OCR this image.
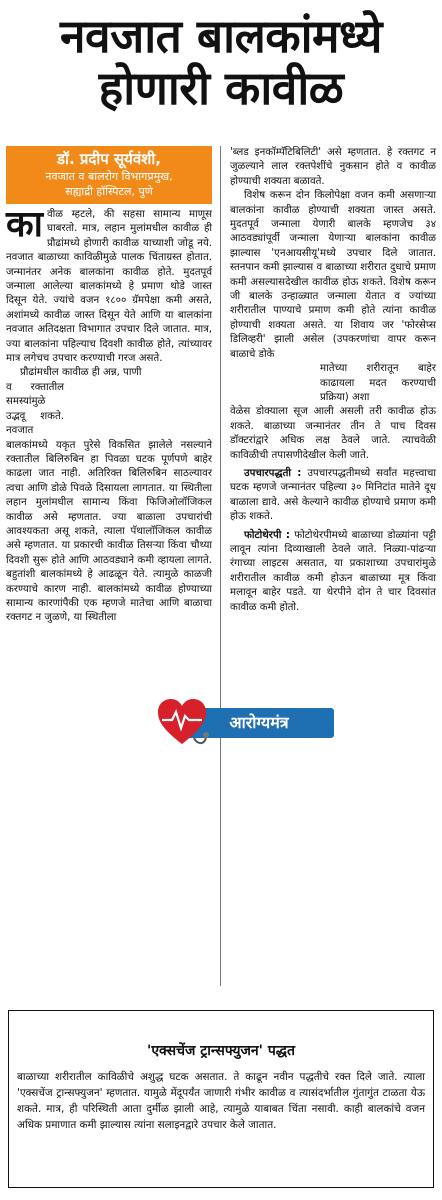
नवजात बालकांमध्ये
होणारी कावीळ
डॉ. प्रदीप सूर्यवंशी,
नवजात व बालरोग विभागप्रमुख,
सह्याद्री हॉस्पिटल, पुणे

कावीळ म्हटले, की सहसा सामान्य माणूस घाबरतो. मात्र, लहान मुलांमधील कावीळ ही प्रौढांमध्ये होणारी कावीळ याच्याशी जोडू नये. नवजात बाळाच्या काविळीमुळे पालक चिंताग्रस्त होतात. जन्मानंतर अनेक बालकांना कावीळ होते. मुदतपूर्व जन्माला आलेल्या बालकांमध्ये हे प्रमाण थोडे जास्त दिसून येते. ज्यांचे वजन १८०० ग्रॅमपेक्षा कमी असते, अशांमध्ये कावीळ जास्त दिसून येते आणि या बालकांना नवजात अतिदक्षता विभागात उपचार दिले जातात. मात्र, ज्या बालकांना पहिल्याच दिवशी कावीळ होते, त्यांच्यावर मात्र लगेचच उपचार करण्याची गरज असते.

प्रौढांमधील कावीळ ही अन्न, पाणी

व रक्तातील समस्यांमुळे उद्भवू शकते. नवजात

बालकांमध्ये यकृत पुरेसे विकसित झालेले नसल्याने रक्तातील बिलिरुबिन हा पिवळा घटक पूर्णपणे बाहेर काढला जात नाही. अतिरिक्त बिलिरुबिन साठल्यावर त्वचा आणि डोळे पिवळे दिसायला लागतात. या स्थितीला लहान मुलांमधील सामान्य किंवा फिजिओलॉजिकल कावीळ असे म्हणतात. ज्या बाळाला उपचारांची आवश्यकता असू शकते, त्याला पॅथालॉजिकल कावीळ असे म्हणतात. या प्रकारची कावीळ तिसऱ्या किंवा चौथ्या दिवशी सुरू होते आणि आठवड्याने कमी व्हायला लागते. बहुतांशी बालकांमध्ये हे आढळून येते. त्यामुळे काळजी करण्याचे कारण नाही. बालकांमध्ये कावीळ होण्याच्या सामान्य कारणांपैकी एक म्हणजे मातेचा आणि बाळाचा रक्तगट न जुळणे, या स्थितीला

'ब्लड इनकॉम्पॅटिबिलिटी' असे म्हणतात. हे रक्तगट न जुळल्याने लाल रक्तपेशींचे नुकसान होते व कावीळ होण्याची शक्यता बळावते.

विशेष करून दोन किलोपेक्षा वजन कमी असणाऱ्या बालकांना कावीळ होण्याची शक्यता जास्त असते. मुदतपूर्व जन्माला येणारी बालके म्हणजेच ३४ आठवड्यांपूर्वी जन्माला येणाऱ्या बालकांना कावीळ झाल्यास 'एनआयसीयू'मध्ये उपचार दिले जातात. स्तनपान कमी झाल्यास व बाळाच्या शरीरात दुधाचे प्रमाण कमी असल्यासदेखील कावीळ होऊ शकते. विशेष करून जी बालके उन्हाळ्यात जन्माला येतात व ज्यांच्या शरीरातील पाण्याचे प्रमाण कमी होते त्यांना कावीळ होण्याची शक्यता असते. या शिवाय जर 'फोरसेप्स डिलिव्हरी' झाली असेल (उपकरणांचा वापर करून बाळाचे डोके

मातेच्या शरीरातून बाहेर काढायला मदत करण्याची प्रक्रिया) अशा

वेळेस डोक्याला सूज आली असली तरी कावीळ होऊ शकते. बाळाच्या जन्मानंतर तीन ते पाच दिवस डॉक्टरांद्वारे अधिक लक्ष ठेवले जाते. त्याचवेळी काविळीची तपासणीदेखील केली जाते.

उपचारपद्धती : उपचारपद्धतीमध्ये सर्वांत महत्त्वाचा घटक म्हणजे जन्मानंतर पहिल्या ३० मिनिटांत मातेने दूध बाळाला द्यावे. असे केल्याने कावीळ होण्याचे प्रमाण कमी होऊ शकते.

फोटोथेरपी : फोटोथेरपीमध्ये बाळाच्या डोळ्यांना पट्टी लावून त्यांना दिव्याखाली ठेवले जाते. निळ्या-पांढऱ्या रंगाच्या लाइटस असतात, या प्रकाशाच्या उपचारांमुळे शरीरातील कावीळ कमी होऊन बाळाच्या मूत्र किंवा मलावून बाहेर पडते. या थेरपीने दोन ते चार दिवसांत कावीळ कमी होतो.

आरोग्यमंत्र
'एक्सचेंज ट्रान्सफ्युजन' पद्धत

बाळाच्या शरीरातील काविळीचे अशुद्ध घटक असतात. ते काढून नवीन पद्धतीचे रक्त दिले जाते. त्याला 'एक्सचेंज ट्रान्सफ्युजन' म्हणतात. यामुळे मेंदूपर्यंत जाणारी गंभीर कावीळ व त्यासंदर्भातील गुंतागुंत टाळता येऊ शकते. मात्र, ही परिस्थिती आता दुर्मीळ झाली आहे, त्यामुळे याबाबत चिंता नसावी. काही बालकांचे वजन अधिक प्रमाणात कमी झाल्यास त्यांना सलाइनद्वारे उपचार केले जातात.
